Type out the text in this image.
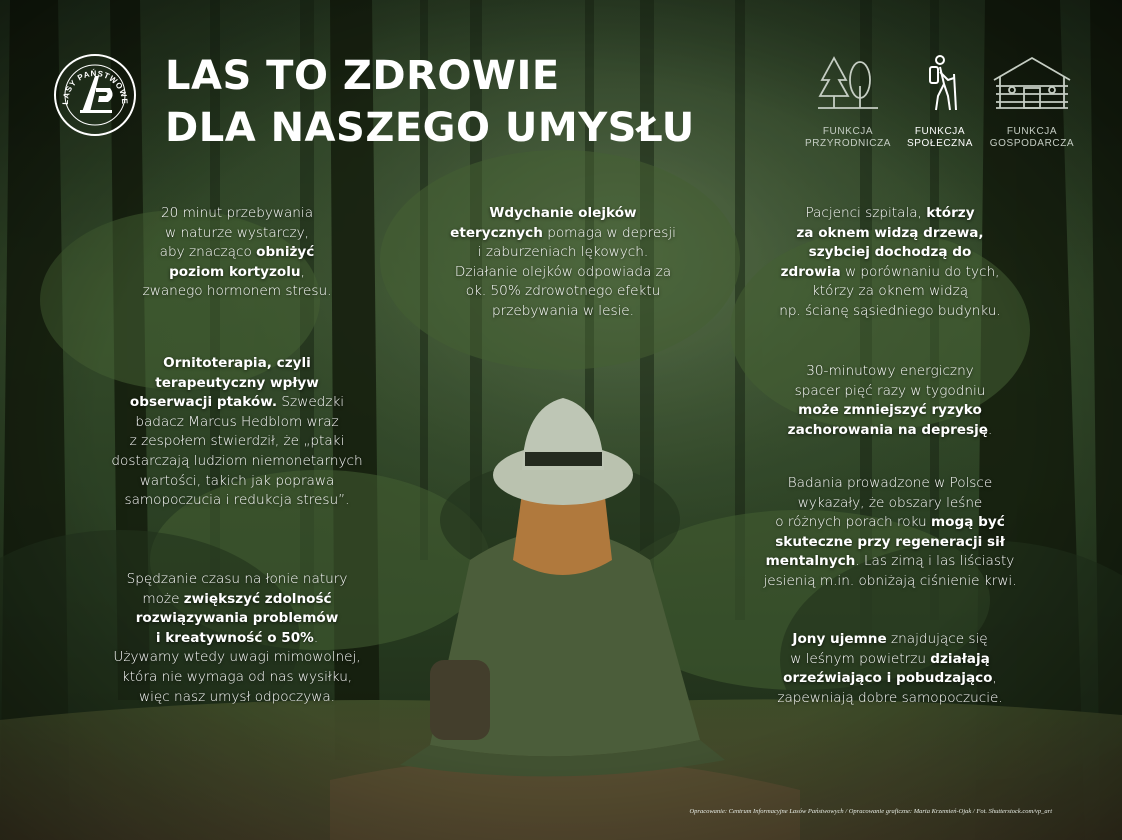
LASY PAŃSTWOWE
LAS TO ZDROWIE
DLA NASZEGO UMYSŁU	FUNKCJA
PRZYRODNICZA
FUNKCJA
SPOŁECZNA
FUNKCJA
GOSPODARCZA
20 minut przebywania
w naturze wystarczy,
aby znacząco obniżyć
poziom kortyzolu,
zwanego hormonem stresu.
Wdychanie olejków
eterycznych pomaga w depresji
i zaburzeniach lękowych.
Działanie olejków odpowiada za
ok. 50% zdrowotnego efektu
przebywania w lesie.
Pacjenci szpitala, którzy
za oknem widzą drzewa,
szybciej dochodzą do
zdrowia w porównaniu do tych,
którzy za oknem widzą
np. ścianę sąsiedniego budynku.
Ornitoterapia, czyli
terapeutyczny wpływ
obserwacji ptaków. Szwedzki
badacz Marcus Hedblom wraz
z zespołem stwierdził, że „ptaki
dostarczają ludziom niemonetarnych
wartości, takich jak poprawa
samopoczucia i redukcja stresu”.
30-minutowy energiczny
spacer pięć razy w tygodniu
może zmniejszyć ryzyko
zachorowania na depresję.
Badania prowadzone w Polsce
wykazały, że obszary leśne
o różnych porach roku mogą być
skuteczne przy regeneracji sił
mentalnych. Las zimą i las liściasty
jesienią m.in. obniżają ciśnienie krwi.
Spędzanie czasu na łonie natury
może zwiększyć zdolność
rozwiązywania problemów
i kreatywność o 50%.
Używamy wtedy uwagi mimowolnej,
która nie wymaga od nas wysiłku,
więc nasz umysł odpoczywa.
Jony ujemne znajdujące się
w leśnym powietrzu działają
orzeźwiająco i pobudzająco,
zapewniają dobre samopoczucie.
Opracowanie: Centrum Informacyjne Lasów Państwowych / Opracowanie graficzne: Marta Krzemień-Ojak / Fot. Shutterstock.com/vp_art
